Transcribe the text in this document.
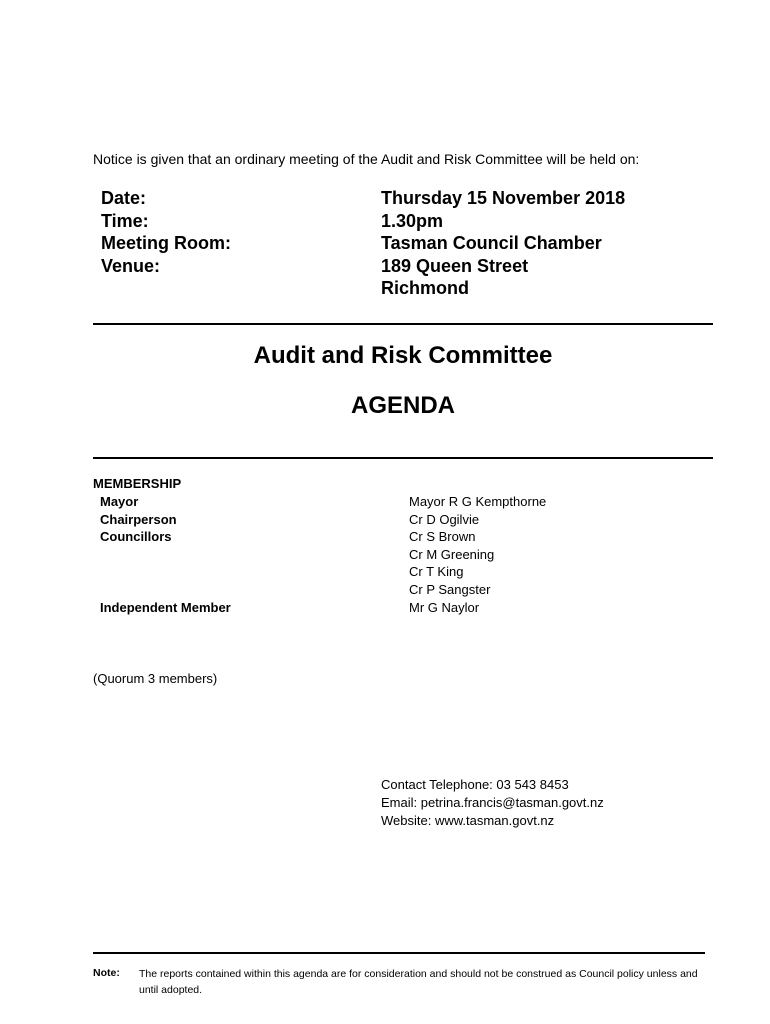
Notice is given that an ordinary meeting of the Audit and Risk Committee will be held on:
Date:	Thursday 15 November 2018
Time:	1.30pm
Meeting Room:	Tasman Council Chamber
Venue:	189 Queen Street
Richmond
Audit and Risk Committee
AGENDA
MEMBERSHIP
Mayor	Mayor R G Kempthorne
Chairperson	Cr D Ogilvie
Councillors	Cr S Brown
Cr M Greening
Cr T King
Cr P Sangster
Independent Member	Mr G Naylor
(Quorum 3 members)
Contact Telephone: 03 543 8453
Email: petrina.francis@tasman.govt.nz
Website: www.tasman.govt.nz
Note:	The reports contained within this agenda are for consideration and should not be construed as Council policy unless and until adopted.
